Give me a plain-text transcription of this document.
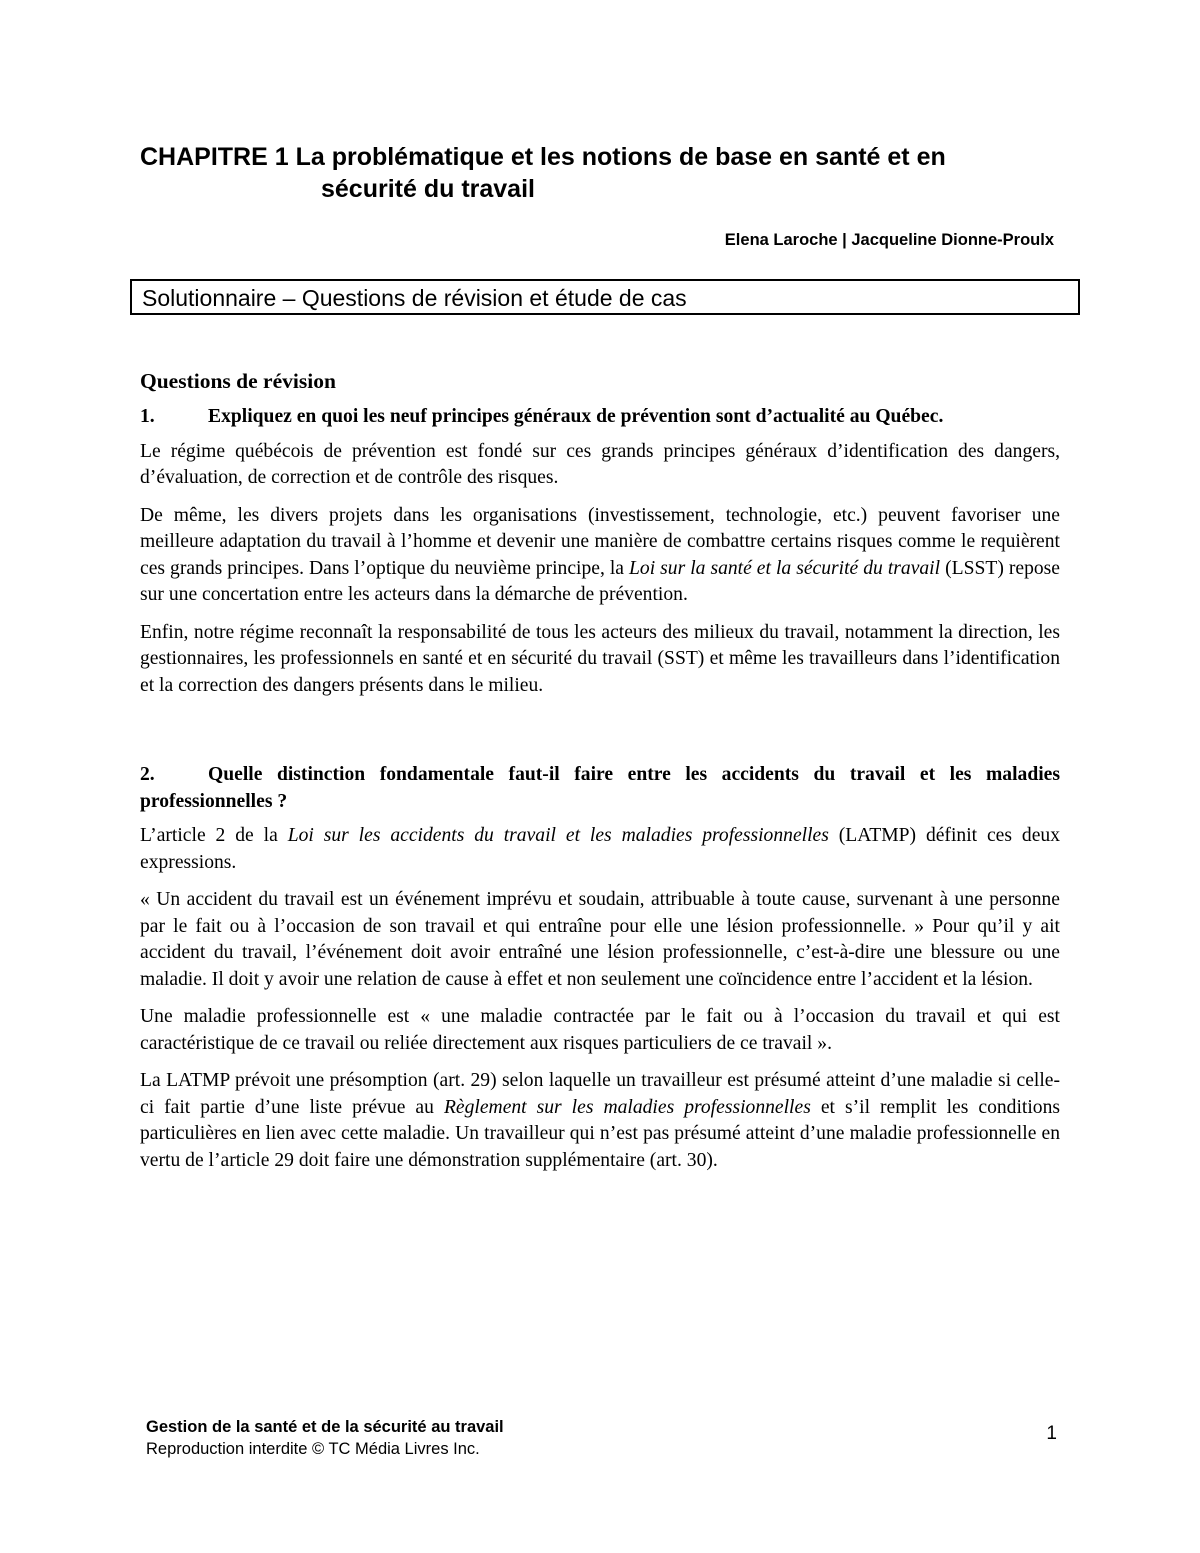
CHAPITRE 1 La problématique et les notions de base en santé et en
sécurité du travail
Elena Laroche | Jacqueline Dionne-Proulx
Solutionnaire – Questions de révision et étude de cas
Questions de révision

1.	Expliquez en quoi les neuf principes généraux de prévention sont d’actualité au Québec.

Le régime québécois de prévention est fondé sur ces grands principes généraux d’identification des dangers, d’évaluation, de correction et de contrôle des risques.

De même, les divers projets dans les organisations (investissement, technologie, etc.) peuvent favoriser une meilleure adaptation du travail à l’homme et devenir une manière de combattre certains risques comme le requièrent ces grands principes. Dans l’optique du neuvième principe, la Loi sur la santé et la sécurité du travail (LSST) repose sur une concertation entre les acteurs dans la démarche de prévention.

Enfin, notre régime reconnaît la responsabilité de tous les acteurs des milieux du travail, notamment la direction, les gestionnaires, les professionnels en santé et en sécurité du travail (SST) et même les travailleurs dans l’identification et la correction des dangers présents dans le milieu.

2.	Quelle distinction fondamentale faut-il faire entre les accidents du travail et les maladies professionnelles ?

L’article 2 de la Loi sur les accidents du travail et les maladies professionnelles (LATMP) définit ces deux expressions.

« Un accident du travail est un événement imprévu et soudain, attribuable à toute cause, survenant à une personne par le fait ou à l’occasion de son travail et qui entraîne pour elle une lésion professionnelle. » Pour qu’il y ait accident du travail, l’événement doit avoir entraîné une lésion professionnelle, c’est-à-dire une blessure ou une maladie. Il doit y avoir une relation de cause à effet et non seulement une coïncidence entre l’accident et la lésion.

Une maladie professionnelle est « une maladie contractée par le fait ou à l’occasion du travail et qui est caractéristique de ce travail ou reliée directement aux risques particuliers de ce travail ».

La LATMP prévoit une présomption (art. 29) selon laquelle un travailleur est présumé atteint d’une maladie si celle-ci fait partie d’une liste prévue au Règlement sur les maladies professionnelles et s’il remplit les conditions particulières en lien avec cette maladie. Un travailleur qui n’est pas présumé atteint d’une maladie professionnelle en vertu de l’article 29 doit faire une démonstration supplémentaire (art. 30).

Gestion de la santé et de la sécurité au travail
Reproduction interdite © TC Média Livres Inc.
1
